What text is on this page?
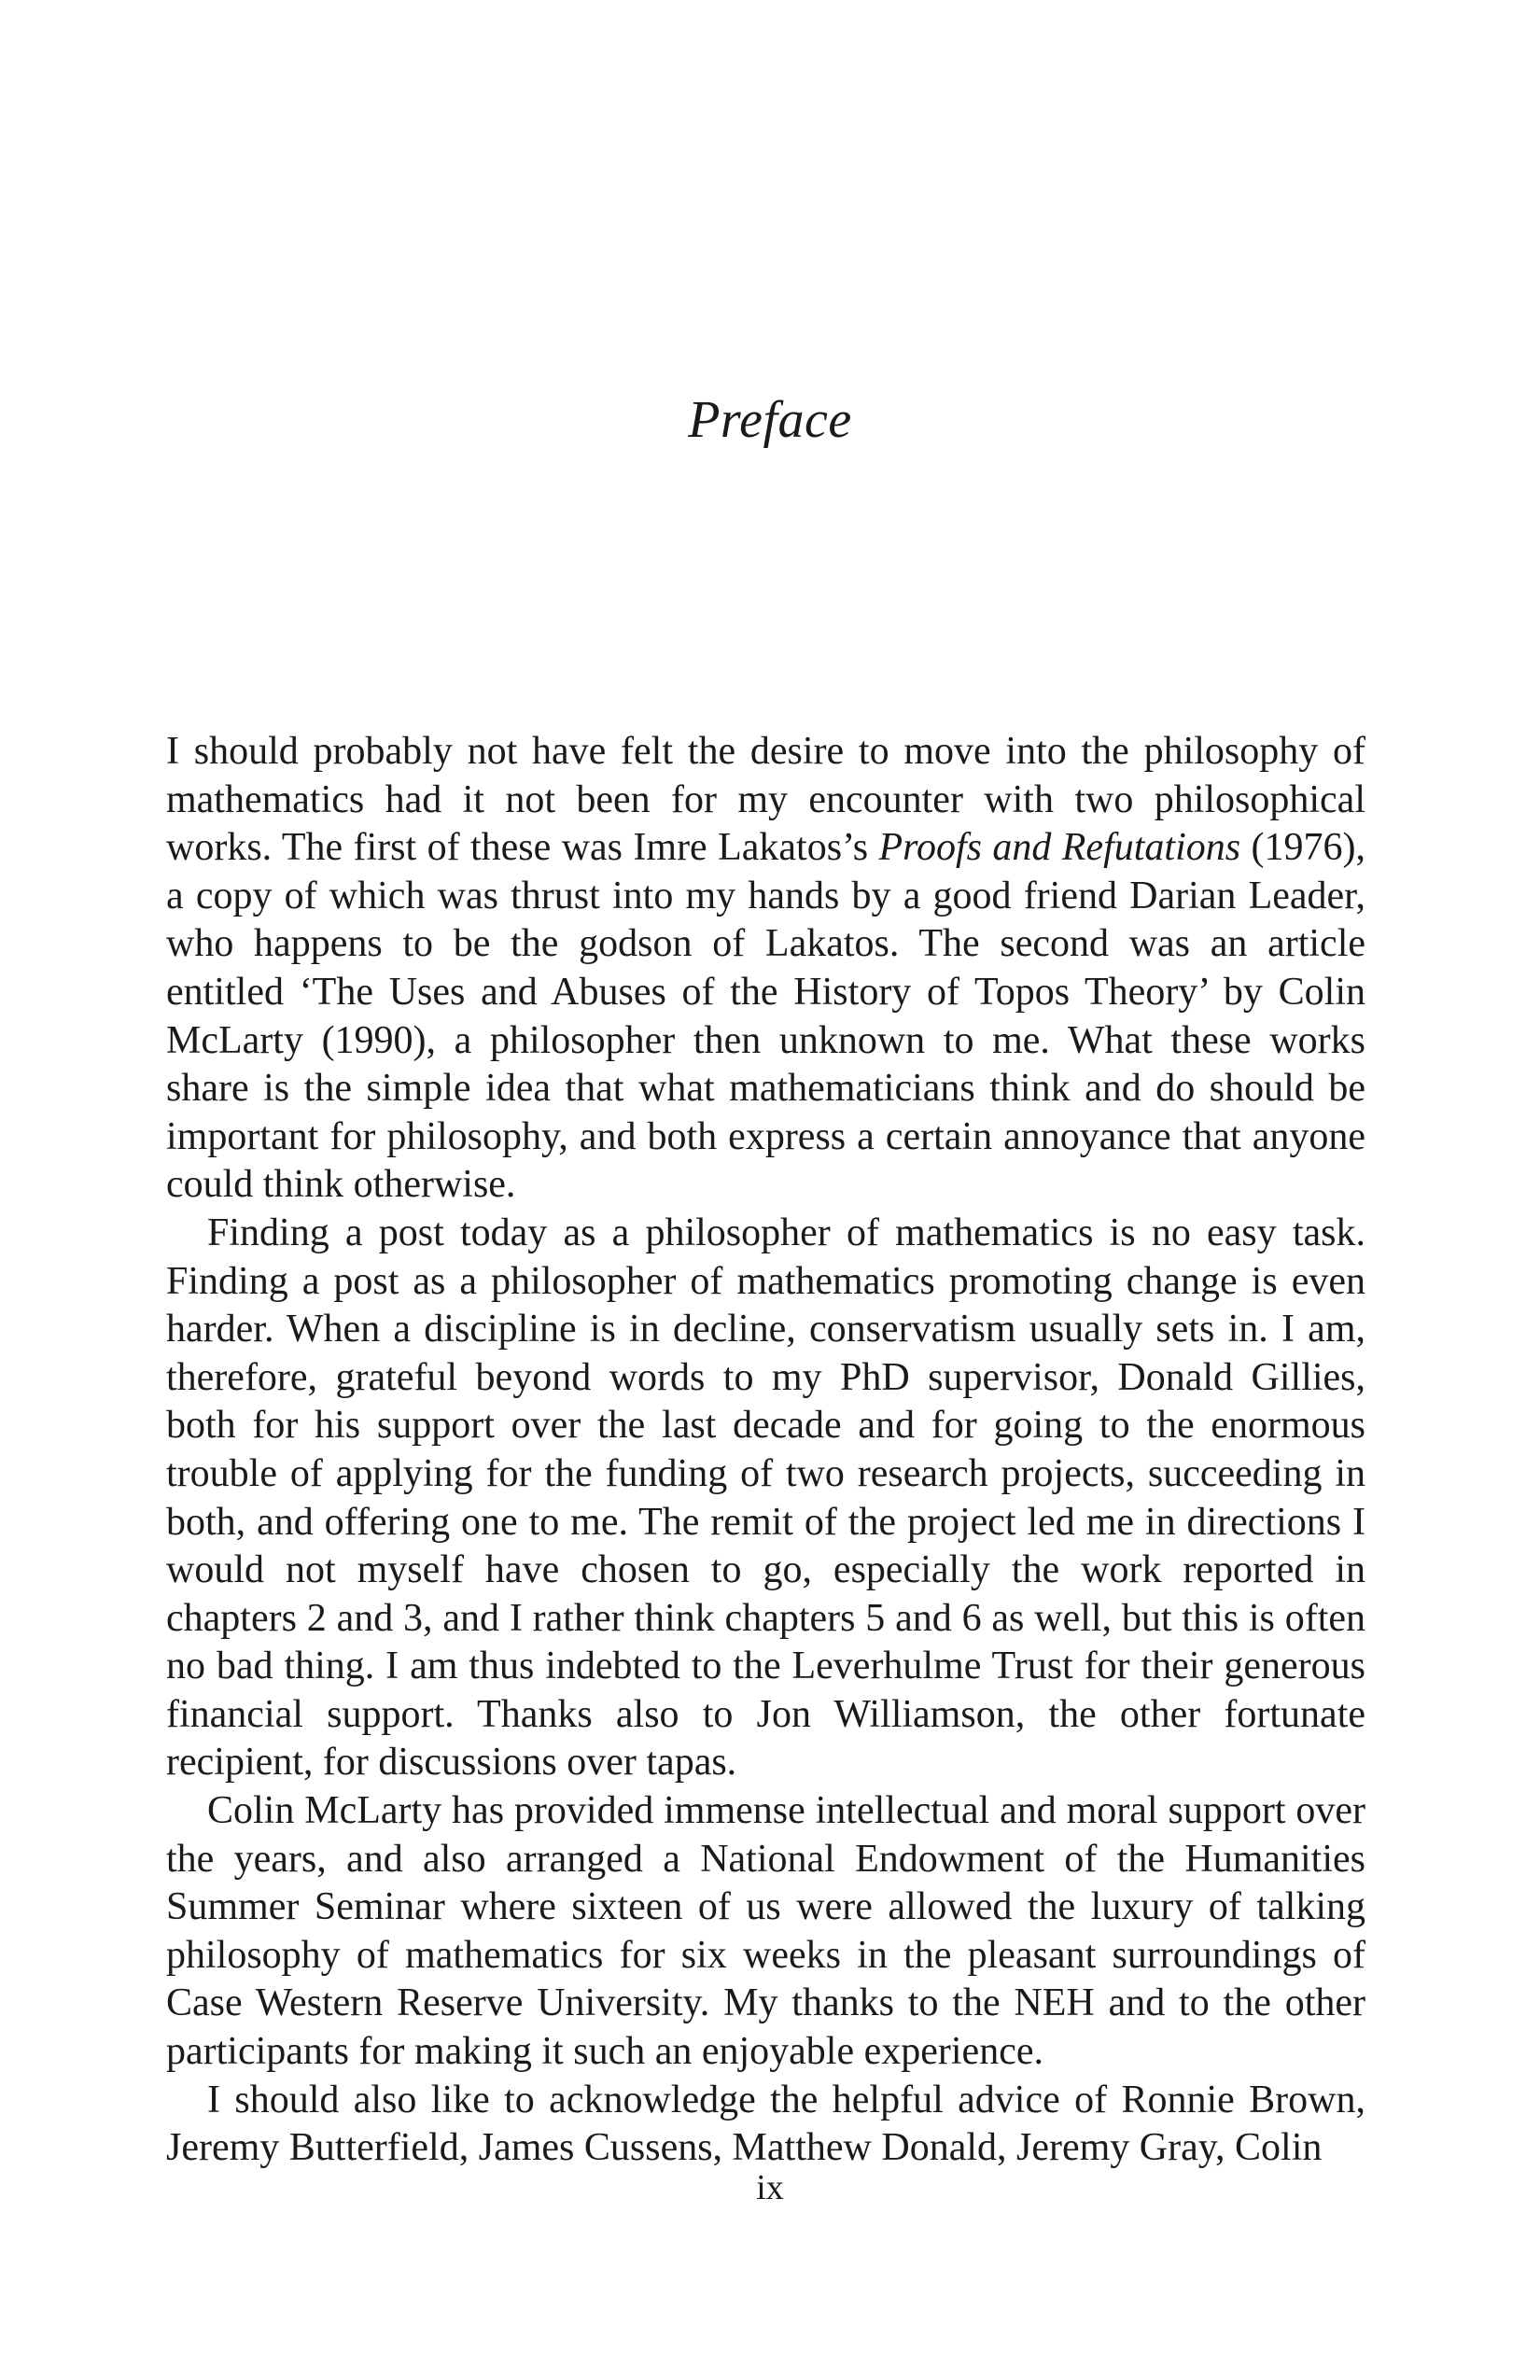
Preface

I should probably not have felt the desire to move into the philosophy of mathematics had it not been for my encounter with two philosophical works. The first of these was Imre Lakatos’s Proofs and Refutations (1976), a copy of which was thrust into my hands by a good friend Darian Leader, who happens to be the godson of Lakatos. The second was an article entitled ‘The Uses and Abuses of the History of Topos Theory’ by Colin McLarty (1990), a philosopher then unknown to me. What these works share is the simple idea that what mathematicians think and do should be important for philosophy, and both express a certain annoyance that anyone could think otherwise.

Finding a post today as a philosopher of mathematics is no easy task. Finding a post as a philosopher of mathematics promoting change is even harder. When a discipline is in decline, conservatism usually sets in. I am, therefore, grateful beyond words to my PhD supervisor, Donald Gillies, both for his support over the last decade and for going to the enormous trouble of applying for the funding of two research projects, succeeding in both, and offering one to me. The remit of the project led me in directions I would not myself have chosen to go, especially the work reported in chapters 2 and 3, and I rather think chapters 5 and 6 as well, but this is often no bad thing. I am thus indebted to the Leverhulme Trust for their generous financial support. Thanks also to Jon Williamson, the other fortunate recipient, for discussions over tapas.

Colin McLarty has provided immense intellectual and moral support over the years, and also arranged a National Endowment of the Humanities Summer Seminar where sixteen of us were allowed the luxury of talking philosophy of mathematics for six weeks in the pleasant surroundings of Case Western Reserve University. My thanks to the NEH and to the other participants for making it such an enjoyable experience.

I should also like to acknowledge the helpful advice of Ronnie Brown, Jeremy Butterfield, James Cussens, Matthew Donald, Jeremy Gray, Colin

ix
